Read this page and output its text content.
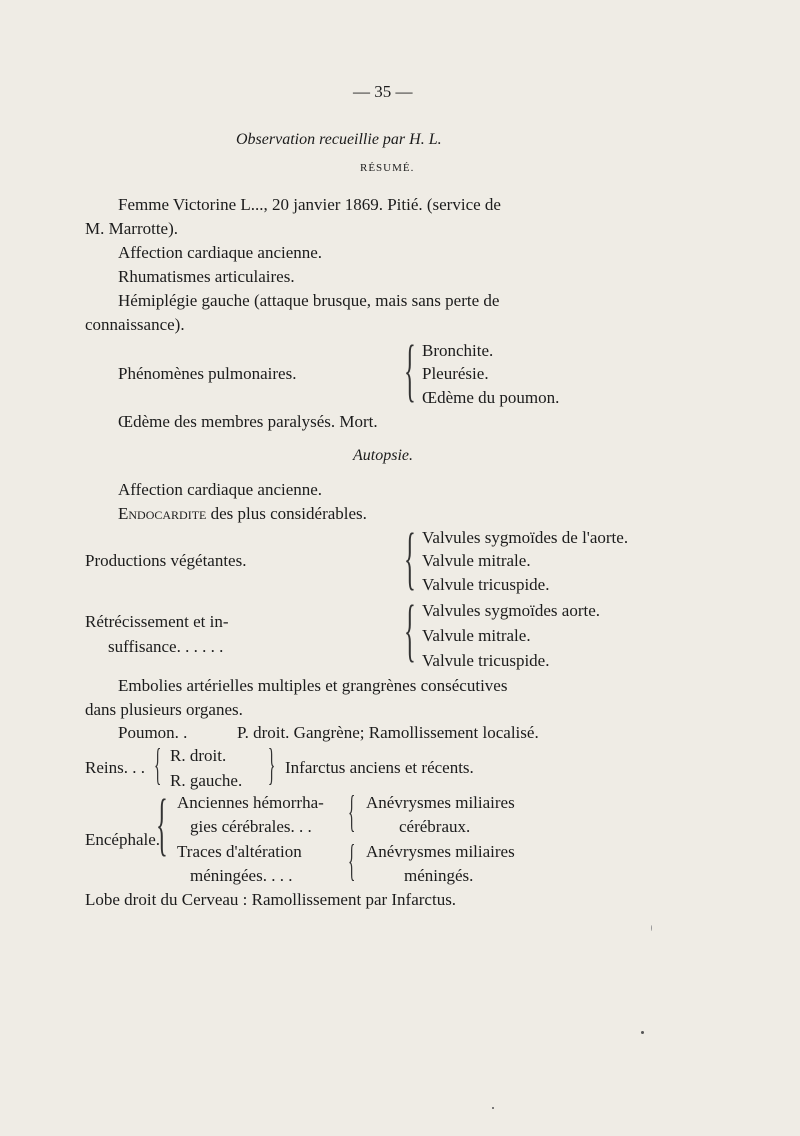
— 35 —
Observation recueillie par H. L.
RÉSUMÉ.
Femme Victorine L..., 20 janvier 1869. Pitié. (service de
M. Marrotte).
Affection cardiaque ancienne.
Rhumatismes articulaires.
Hémiplégie gauche (attaque brusque, mais sans perte de
connaissance).
Phénomènes pulmonaires. { Bronchite.
Pleurésie.
Œdème du poumon.
Œdème des membres paralysés. Mort.
Autopsie.
Affection cardiaque ancienne.
Endocardite des plus considérables.
Productions végétantes. { Valvules sygmoïdes de l'aorte.
Valvule mitrale.
Valvule tricuspide.
Rétrécissement et in-
suffisance. . . . . .	{ Valvules sygmoïdes aorte.
Valvule mitrale.
Valvule tricuspide.
Embolies artérielles multiples et grangrènes consécutives
dans plusieurs organes.
Poumon. .	P. droit. Gangrène; Ramollissement localisé.
Reins. . . { R. droit.
R. gauche. { Infarctus anciens et récents.
Encéphale.
{ Anciennes hémorrha-
gies cérébrales. . .
Traces d'altération
méningées. . . .
{
{
Anévrysmes miliaires
cérébraux.
Anévrysmes miliaires
méningés.
Lobe droit du Cerveau : Ramollissement par Infarctus.
